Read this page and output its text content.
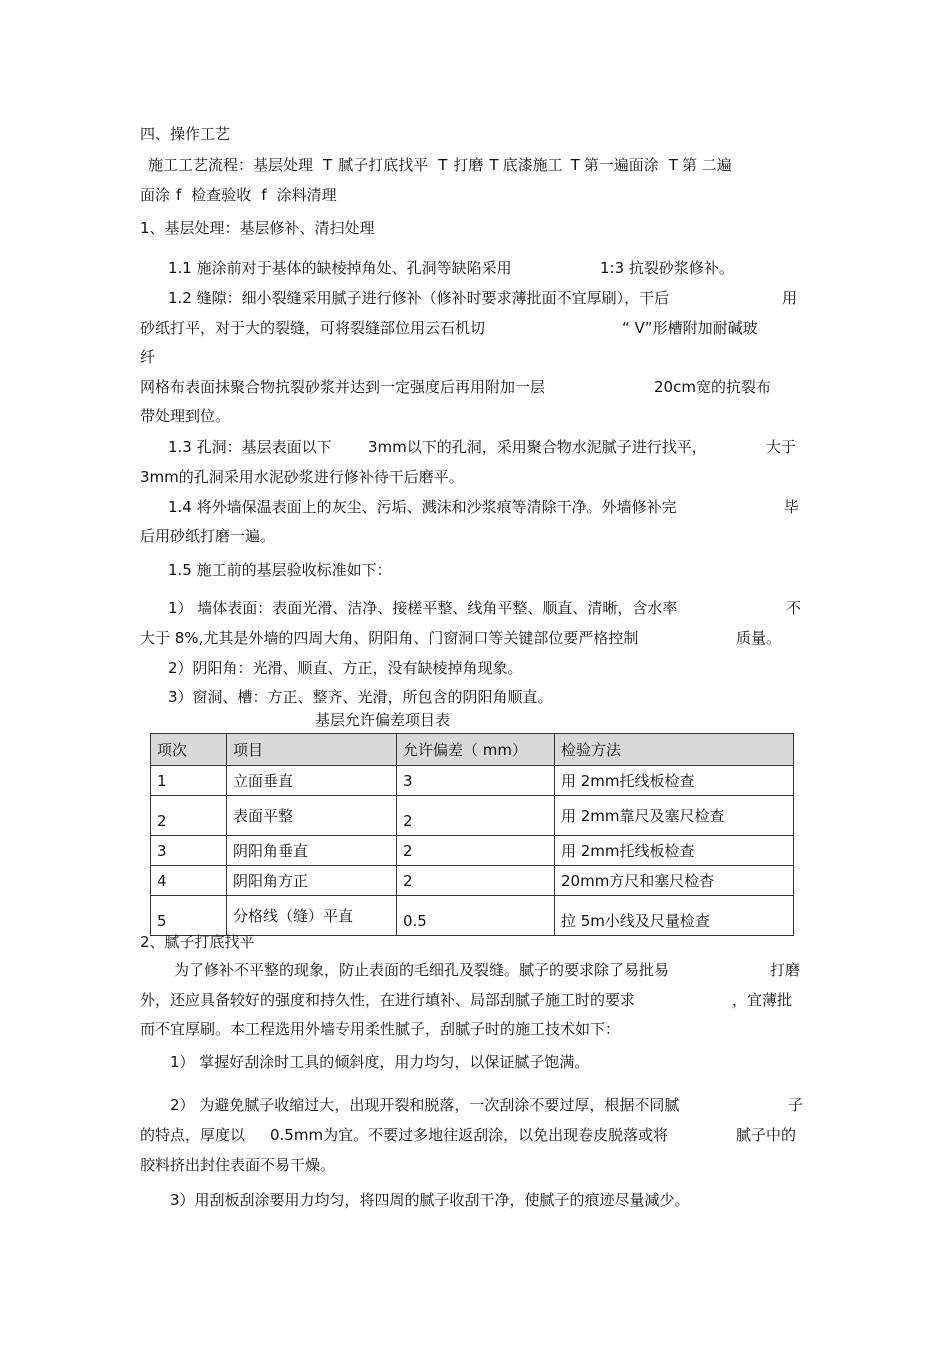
四、操作工艺
施工工艺流程：基层处理 T 腻子打底找平 T 打磨 T 底漆施工 T 第一遍面涂 T 第 二遍
面涂 f 检查验收 f 涂料清理
1、基层处理：基层修补、清扫处理
1.1 施涂前对于基体的缺棱掉角处、孔洞等缺陷采用	1:3 抗裂砂浆修补。
1.2 缝隙：细小裂缝采用腻子进行修补（修补时要求薄批面不宜厚刷），干后	用
砂纸打平，对于大的裂缝，可将裂缝部位用云石机切	“ V”形槽附加耐碱玻
纤
网格布表面抹聚合物抗裂砂浆并达到一定强度后再用附加一层	20cm宽的抗裂布
带处理到位。
1.3 孔洞：基层表面以下 3mm以下的孔洞，采用聚合物水泥腻子进行找平，	大于
3mm的孔洞采用水泥砂浆进行修补待干后磨平。
1.4 将外墙保温表面上的灰尘、污垢、溅沫和沙浆痕等清除干净。外墙修补完	毕
后用砂纸打磨一遍。
1.5 施工前的基层验收标准如下：
1） 墙体表面：表面光滑、洁净、接槎平整、线角平整、顺直、清晰，含水率	不
大于 8%,尤其是外墙的四周大角、阴阳角、门窗洞口等关键部位要严格控制	质量。
2）阴阳角：光滑、顺直、方正，没有缺棱掉角现象。
3）窗洞、槽：方正、整齐、光滑，所包含的阴阳角顺直。
基层允许偏差项目表
项次	项目	允许偏差（ mm）	检验方法
1	立面垂直	3	用 2mm托线板检查
2	表面平整	2	用 2mm靠尺及塞尺检查
3	阴阳角垂直	2	用 2mm托线板检查
4	阴阳角方正	2	20mm方尺和塞尺检杳
5	分格线（缝）平直	0.5	拉 5m小线及尺量检查
2、腻子打底找平
为了修补不平整的现象，防止表面的毛细孔及裂缝。腻子的要求除了易批易	打磨
外，还应具备较好的强度和持久性，在进行填补、局部刮腻子施工时的要求	，宜薄批
而不宜厚刷。本工程选用外墙专用柔性腻子，刮腻子时的施工技术如下：
1） 掌握好刮涂时工具的倾斜度，用力均匀，以保证腻子饱满。
2） 为避免腻子收缩过大，出现开裂和脱落，一次刮涂不要过厚，根据不同腻	子
的特点，厚度以 0.5mm为宜。不要过多地往返刮涂，以免出现卷皮脱落或将	腻子中的
胶料挤出封住表面不易干燥。
3）用刮板刮涂要用力均匀，将四周的腻子收刮干净，使腻子的痕迹尽量减少。
